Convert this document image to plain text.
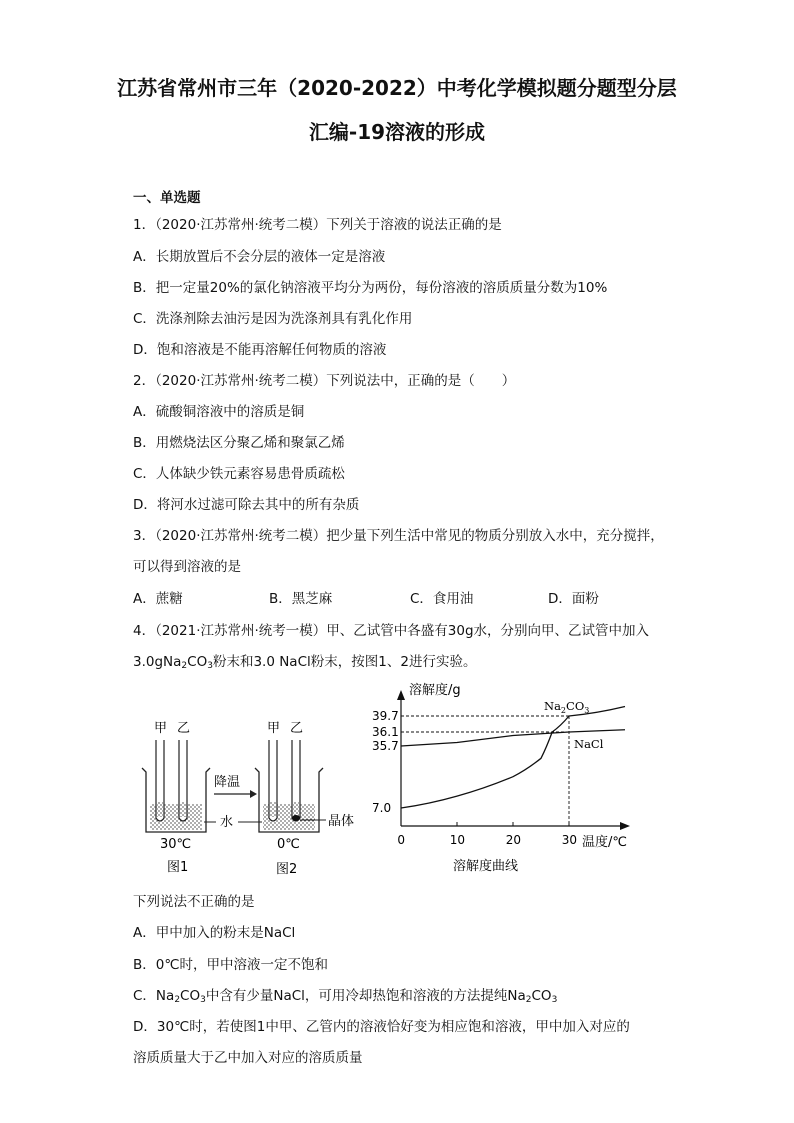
江苏省常州市三年（2020-2022）中考化学模拟题分题型分层
汇编-19溶液的形成
一、单选题
1．（2020·江苏常州·统考二模）下列关于溶液的说法正确的是
A．长期放置后不会分层的液体一定是溶液
B．把一定量20%的氯化钠溶液平均分为两份，每份溶液的溶质质量分数为10%
C．洗涤剂除去油污是因为洗涤剂具有乳化作用
D．饱和溶液是不能再溶解任何物质的溶液
2．（2020·江苏常州·统考二模）下列说法中，正确的是（　　）
A．硫酸铜溶液中的溶质是铜
B．用燃烧法区分聚乙烯和聚氯乙烯
C．人体缺少铁元素容易患骨质疏松
D．将河水过滤可除去其中的所有杂质
3．（2020·江苏常州·统考二模）把少量下列生活中常见的物质分别放入水中，充分搅拌，
可以得到溶液的是
A．蔗糖	B．黑芝麻	C．食用油	D．面粉
4．（2021·江苏常州·统考一模）甲、乙试管中各盛有30g水，分别向甲、乙试管中加入
$3.0gNa_2CO_3$粉末和3.0 NaCl粉末，按图1、2进行实验。
甲 乙	甲 乙
降温
水	晶体
30℃	0℃
图1	图2
溶解度/g
温度/℃
溶解度曲线
$Na_2CO_3$
NaCl
0	10	20	30
7.0
35.7
36.1
39.7
下列说法不正确的是
A．甲中加入的粉末是NaCl
B．0℃时，甲中溶液一定不饱和
C．$Na_2CO_3$中含有少量NaCl，可用冷却热饱和溶液的方法提纯$Na_2CO_3$
D．30℃时，若使图1中甲、乙管内的溶液恰好变为相应饱和溶液，甲中加入对应的
溶质质量大于乙中加入对应的溶质质量
